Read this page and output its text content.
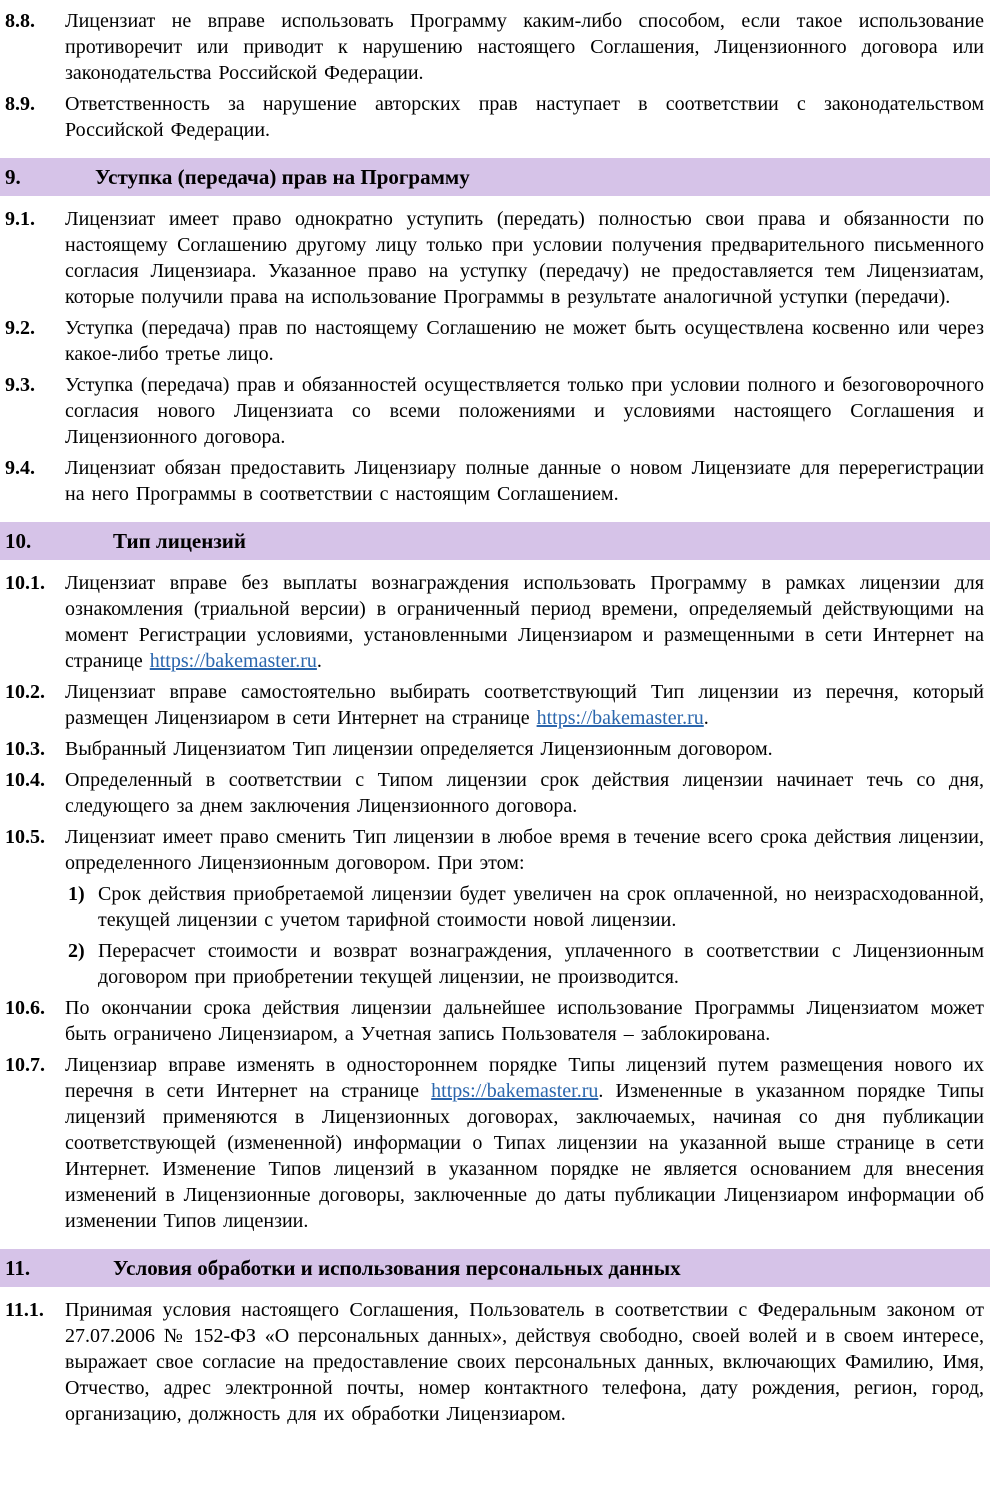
8.8. Лицензиат не вправе использовать Программу каким-либо способом, если такое использование противоречит или приводит к нарушению настоящего Соглашения, Лицензионного договора или законодательства Российской Федерации.

8.9. Ответственность за нарушение авторских прав наступает в соответствии с законодательством Российской Федерации.

9.	Уступка (передача) прав на Программу
9.1. Лицензиат имеет право однократно уступить (передать) полностью свои права и обязанности по настоящему Соглашению другому лицу только при условии получения предварительного письменного согласия Лицензиара. Указанное право на уступку (передачу) не предоставляется тем Лицензиатам, которые получили права на использование Программы в результате аналогичной уступки (передачи).

9.2. Уступка (передача) прав по настоящему Соглашению не может быть осуществлена косвенно или через какое-либо третье лицо.

9.3. Уступка (передача) прав и обязанностей осуществляется только при условии полного и безоговорочного согласия нового Лицензиата со всеми положениями и условиями настоящего Соглашения и Лицензионного договора.

9.4. Лицензиат обязан предоставить Лицензиару полные данные о новом Лицензиате для перерегистрации на него Программы в соответствии с настоящим Соглашением.

10.	Тип лицензий
10.1. Лицензиат вправе без выплаты вознаграждения использовать Программу в рамках лицензии для ознакомления (триальной версии) в ограниченный период времени, определяемый действующими на момент Регистрации условиями, установленными Лицензиаром и размещенными в сети Интернет на странице https://bakemaster.ru.

10.2. Лицензиат вправе самостоятельно выбирать соответствующий Тип лицензии из перечня, который размещен Лицензиаром в сети Интернет на странице https://bakemaster.ru.

10.3. Выбранный Лицензиатом Тип лицензии определяется Лицензионным договором.

10.4. Определенный в соответствии с Типом лицензии срок действия лицензии начинает течь со дня, следующего за днем заключения Лицензионного договора.

10.5. Лицензиат имеет право сменить Тип лицензии в любое время в течение всего срока действия лицензии, определенного Лицензионным договором. При этом:

1) Срок действия приобретаемой лицензии будет увеличен на срок оплаченной, но неизрасходованной, текущей лицензии с учетом тарифной стоимости новой лицензии.

2) Перерасчет стоимости и возврат вознаграждения, уплаченного в соответствии с Лицензионным договором при приобретении текущей лицензии, не производится.

10.6. По окончании срока действия лицензии дальнейшее использование Программы Лицензиатом может быть ограничено Лицензиаром, а Учетная запись Пользователя – заблокирована.

10.7. Лицензиар вправе изменять в одностороннем порядке Типы лицензий путем размещения нового их перечня в сети Интернет на странице https://bakemaster.ru. Измененные в указанном порядке Типы лицензий применяются в Лицензионных договорах, заключаемых, начиная со дня публикации соответствующей (измененной) информации о Типах лицензии на указанной выше странице в сети Интернет. Изменение Типов лицензий в указанном порядке не является основанием для внесения изменений в Лицензионные договоры, заключенные до даты публикации Лицензиаром информации об изменении Типов лицензии.

11.	Условия обработки и использования персональных данных
11.1. Принимая условия настоящего Соглашения, Пользователь в соответствии с Федеральным законом от 27.07.2006 № 152-ФЗ «О персональных данных», действуя свободно, своей волей и в своем интересе, выражает свое согласие на предоставление своих персональных данных, включающих Фамилию, Имя, Отчество, адрес электронной почты, номер контактного телефона, дату рождения, регион, город, организацию, должность для их обработки Лицензиаром.
